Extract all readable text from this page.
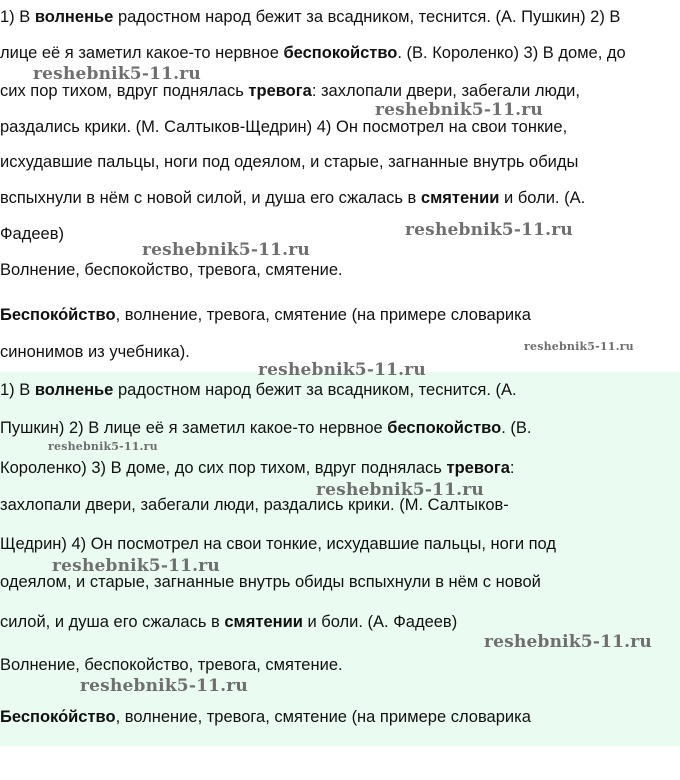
1) В волненье радостном народ бежит за всадником, теснится. (А. Пушкин) 2) В
лице её я заметил какое-то нервное беспокойство. (В. Короленко) 3) В доме, до
сих пор тихом, вдруг поднялась тревога: захлопали двери, забегали люди,
раздались крики. (М. Салтыков-Щедрин) 4) Он посмотрел на свои тонкие,
исхудавшие пальцы, ноги под одеялом, и старые, загнанные внутрь обиды
вспыхнули в нём с новой силой, и душа его сжалась в смятении и боли. (А.
Фадеев)
Волнение, беспокойство, тревога, смятение.
Беспоко́йство, волнение, тревога, смятение (на примере словарика
синонимов из учебника).
1) В волненье радостном народ бежит за всадником, теснится. (А.
Пушкин) 2) В лице её я заметил какое-то нервное беспокойство. (В.
Короленко) 3) В доме, до сих пор тихом, вдруг поднялась тревога:
захлопали двери, забегали люди, раздались крики. (М. Салтыков-
Щедрин) 4) Он посмотрел на свои тонкие, исхудавшие пальцы, ноги под
одеялом, и старые, загнанные внутрь обиды вспыхнули в нём с новой
силой, и душа его сжалась в смятении и боли. (А. Фадеев)
Волнение, беспокойство, тревога, смятение.
Беспоко́йство, волнение, тревога, смятение (на примере словарика
reshebnik5-11.ru
reshebnik5-11.ru
reshebnik5-11.ru
reshebnik5-11.ru
reshebnik5-11.ru
reshebnik5-11.ru
reshebnik5-11.ru
reshebnik5-11.ru
reshebnik5-11.ru
reshebnik5-11.ru
reshebnik5-11.ru
